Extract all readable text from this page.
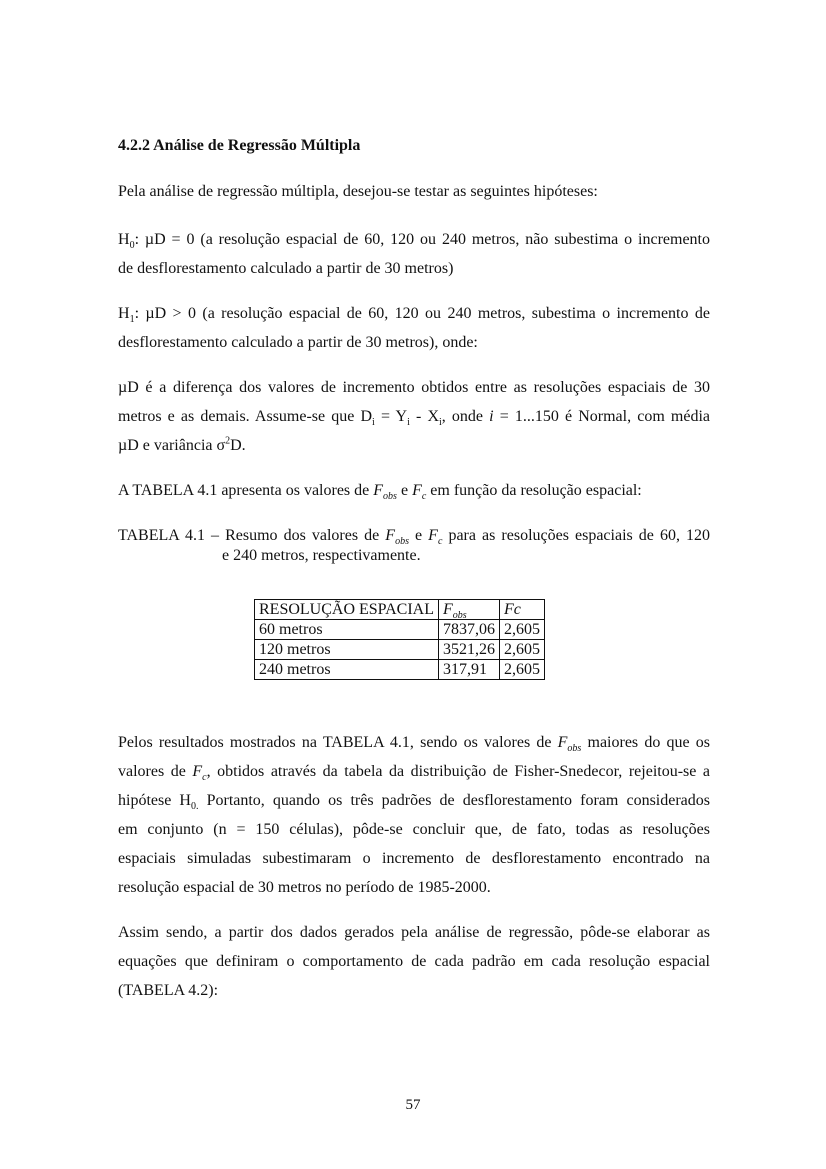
4.2.2 Análise de Regressão Múltipla
Pela análise de regressão múltipla, desejou-se testar as seguintes hipóteses:
$H_0$: µD = 0 (a resolução espacial de 60, 120 ou 240 metros, não subestima o incremento
de desflorestamento calculado a partir de 30 metros)
$H_1$: µD > 0 (a resolução espacial de 60, 120 ou 240 metros, subestima o incremento de
desflorestamento calculado a partir de 30 metros), onde:
µD é a diferença dos valores de incremento obtidos entre as resoluções espaciais de 30
metros e as demais. Assume-se que $D_i = Y_i - X_i$, onde i = 1...150 é Normal, com média
µD e variância $\sigma^2D$.
A TABELA 4.1 apresenta os valores de $F_{obs}$ e $F_c$ em função da resolução espacial:
TABELA 4.1 – Resumo dos valores de $F_{obs}$ e $F_c$ para as resoluções espaciais de 60, 120
e 240 metros, respectivamente.
RESOLUÇÃO ESPACIAL	$F_{obs}$	Fc
60 metros	7837,06	2,605
120 metros	3521,26	2,605
240 metros	317,91	2,605
Pelos resultados mostrados na TABELA 4.1, sendo os valores de $F_{obs}$ maiores do que os
valores de $F_c$, obtidos através da tabela da distribuição de Fisher-Snedecor, rejeitou-se a
hipótese $H_{0.}$ Portanto, quando os três padrões de desflorestamento foram considerados
em conjunto (n = 150 células), pôde-se concluir que, de fato, todas as resoluções
espaciais simuladas subestimaram o incremento de desflorestamento encontrado na
resolução espacial de 30 metros no período de 1985-2000.
Assim sendo, a partir dos dados gerados pela análise de regressão, pôde-se elaborar as
equações que definiram o comportamento de cada padrão em cada resolução espacial
(TABELA 4.2):
57
